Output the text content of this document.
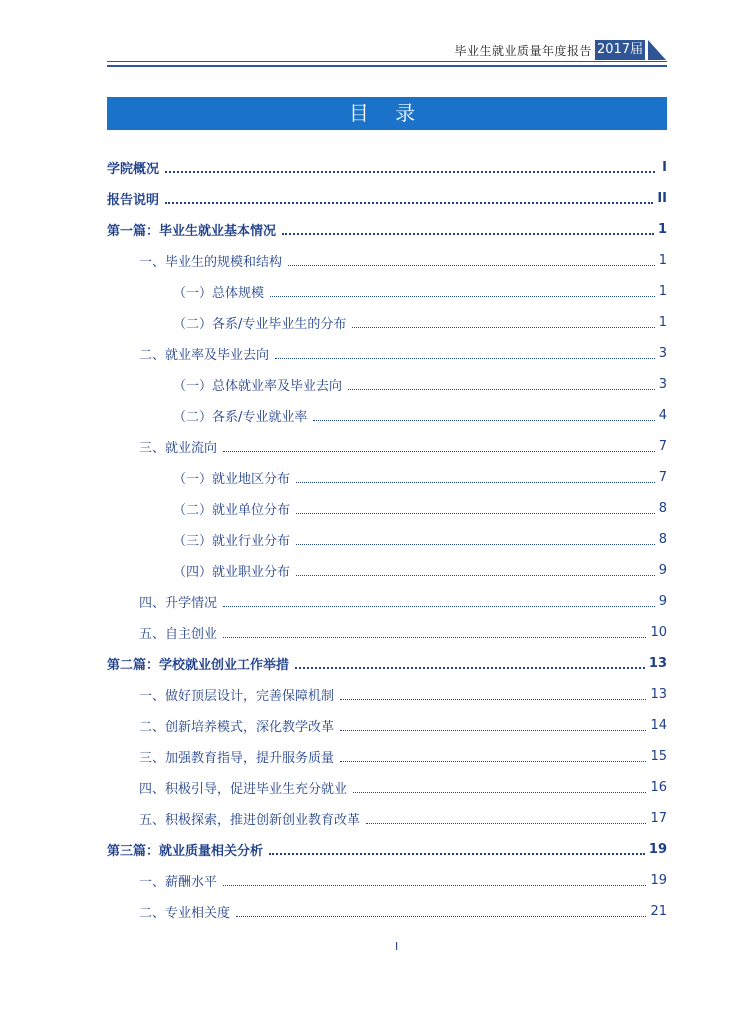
毕业生就业质量年度报告 2017届
目 录
学院概况	I
报告说明	II
第一篇：毕业生就业基本情况	1
一、毕业生的规模和结构	1
（一）总体规模	1
（二）各系/专业毕业生的分布	1
二、就业率及毕业去向	3
（一）总体就业率及毕业去向	3
（二）各系/专业就业率	4
三、就业流向	7
（一）就业地区分布	7
（二）就业单位分布	8
（三）就业行业分布	8
（四）就业职业分布	9
四、升学情况	9
五、自主创业	10
第二篇：学校就业创业工作举措	13
一、做好顶层设计，完善保障机制	13
二、创新培养模式，深化教学改革	14
三、加强教育指导，提升服务质量	15
四、积极引导，促进毕业生充分就业	16
五、积极探索，推进创新创业教育改革	17
第三篇：就业质量相关分析	19
一、薪酬水平	19
二、专业相关度	21
I
